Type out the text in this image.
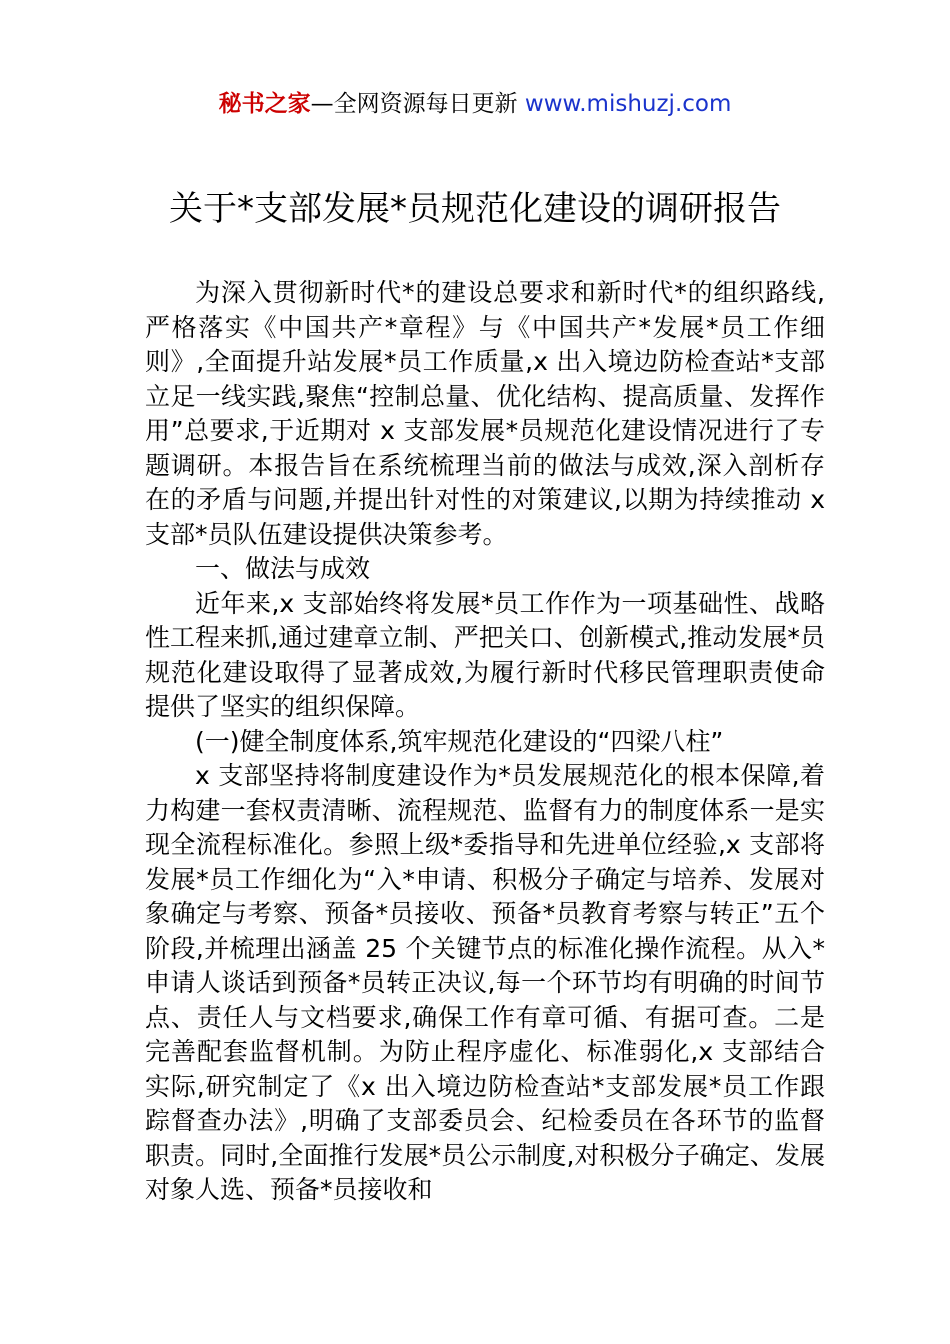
秘书之家—全网资源每日更新 www.mishuzj.com
关于*支部发展*员规范化建设的调研报告

为深入贯彻新时代*的建设总要求和新时代*的组织路线,严格落实《中国共产*章程》与《中国共产*发展*员工作细则》,全面提升站发展*员工作质量,x 出入境边防检查站*支部立足一线实践,聚焦“控制总量、优化结构、提高质量、发挥作用”总要求,于近期对 x 支部发展*员规范化建设情况进行了专题调研。本报告旨在系统梳理当前的做法与成效,深入剖析存在的矛盾与问题,并提出针对性的对策建议,以期为持续推动 x 支部*员队伍建设提供决策参考。

一、做法与成效

近年来,x 支部始终将发展*员工作作为一项基础性、战略性工程来抓,通过建章立制、严把关口、创新模式,推动发展*员规范化建设取得了显著成效,为履行新时代移民管理职责使命提供了坚实的组织保障。

(一)健全制度体系,筑牢规范化建设的“四梁八柱”

x 支部坚持将制度建设作为*员发展规范化的根本保障,着力构建一套权责清晰、流程规范、监督有力的制度体系一是实现全流程标准化。参照上级*委指导和先进单位经验,x 支部将发展*员工作细化为“入*申请、积极分子确定与培养、发展对象确定与考察、预备*员接收、预备*员教育考察与转正”五个阶段,并梳理出涵盖 25 个关键节点的标准化操作流程。从入*申请人谈话到预备*员转正决议,每一个环节均有明确的时间节点、责任人与文档要求,确保工作有章可循、有据可查。二是完善配套监督机制。为防止程序虚化、标准弱化,x 支部结合实际,研究制定了《x 出入境边防检查站*支部发展*员工作跟踪督查办法》,明确了支部委员会、纪检委员在各环节的监督职责。同时,全面推行发展*员公示制度,对积极分子确定、发展对象人选、预备*员接收和
